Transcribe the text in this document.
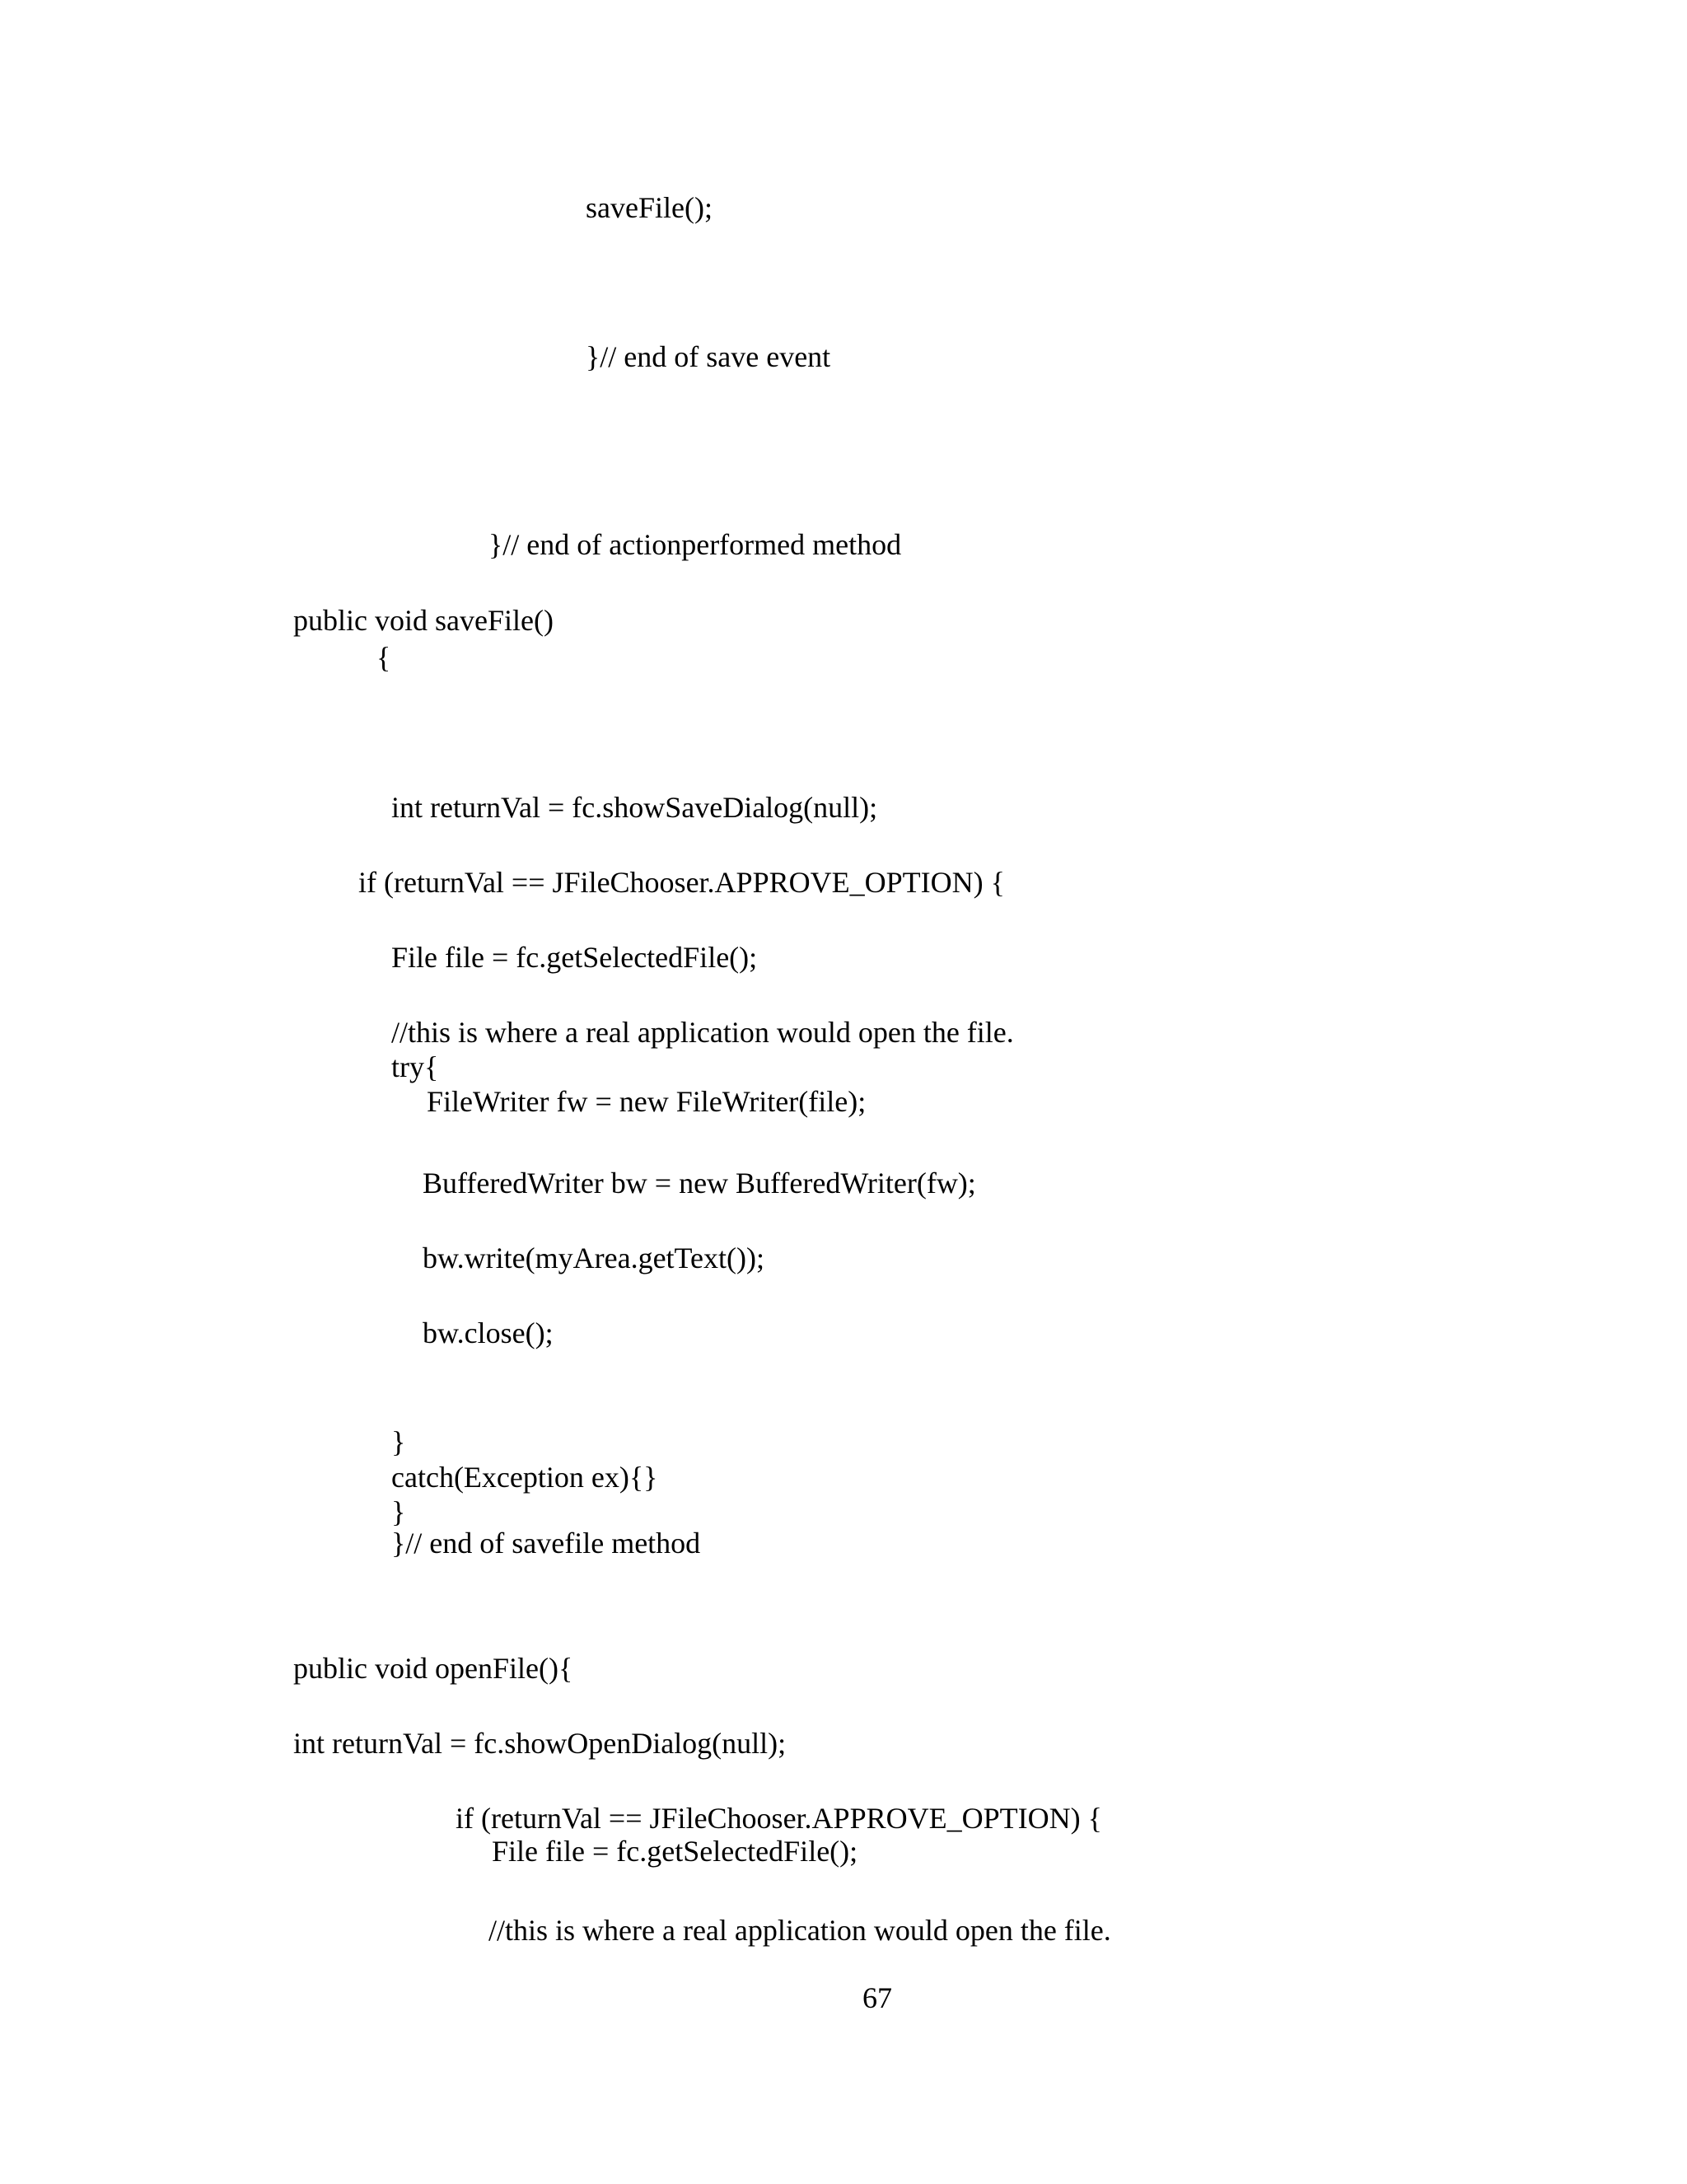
saveFile();

}// end of save event

}// end of actionperformed method

public void saveFile()

{

int returnVal = fc.showSaveDialog(null);

if (returnVal == JFileChooser.APPROVE_OPTION) {

File file = fc.getSelectedFile();

//this is where a real application would open the file.

try{

FileWriter fw = new FileWriter(file);

BufferedWriter bw = new BufferedWriter(fw);

bw.write(myArea.getText());

bw.close();

}

catch(Exception ex){}

}

}// end of savefile method

public void openFile(){

int returnVal = fc.showOpenDialog(null);

if (returnVal == JFileChooser.APPROVE_OPTION) {

File file = fc.getSelectedFile();

//this is where a real application would open the file.

67
